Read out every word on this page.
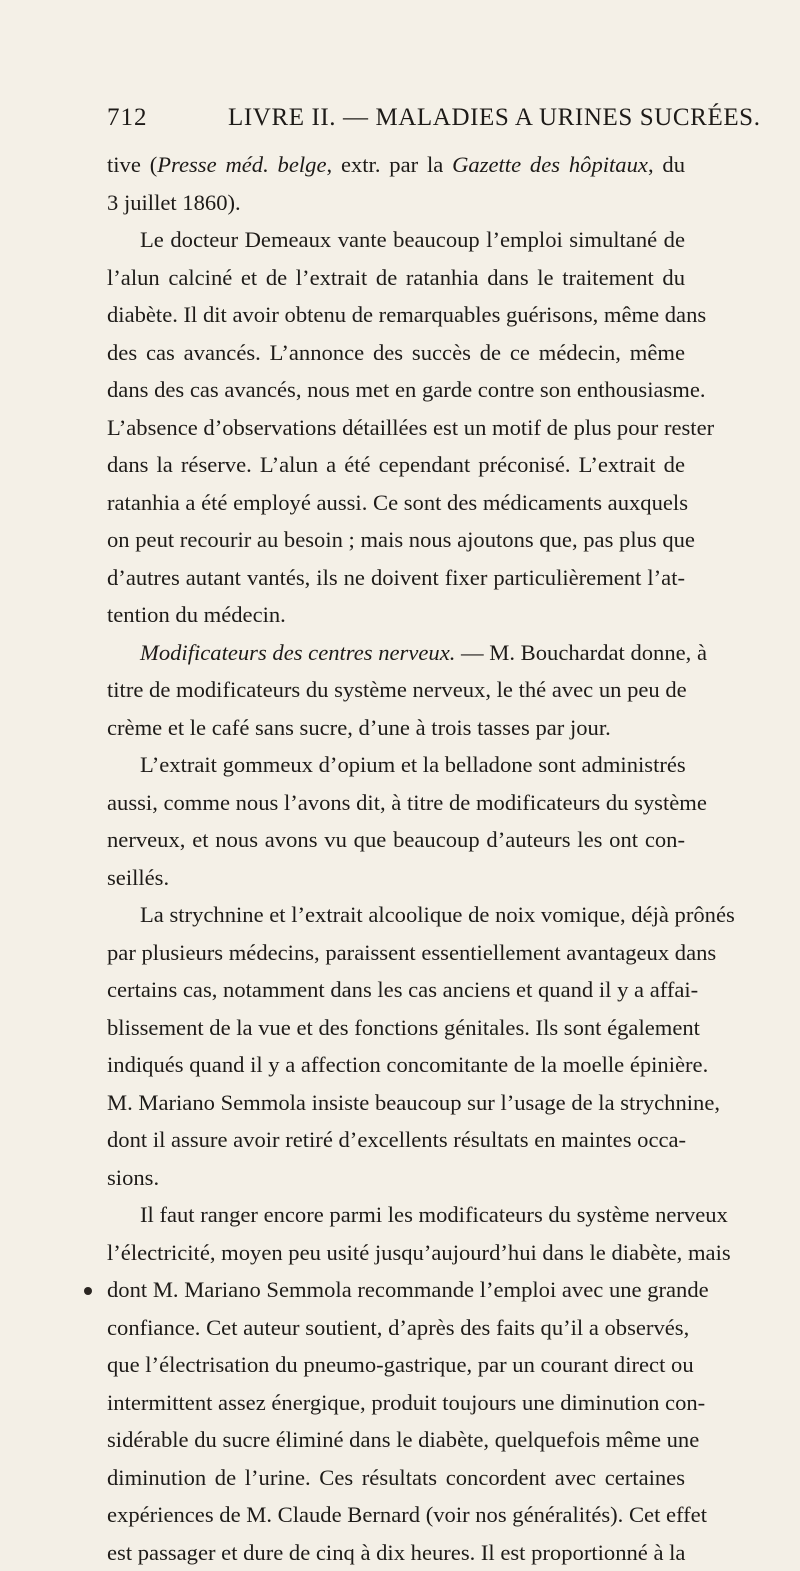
712	LIVRE II. — MALADIES A URINES SUCRÉES.
tive (Presse méd. belge, extr. par la Gazette des hôpitaux, du
3 juillet 1860).
Le docteur Demeaux vante beaucoup l’emploi simultané de
l’alun calciné et de l’extrait de ratanhia dans le traitement du
diabète. Il dit avoir obtenu de remarquables guérisons, même dans
des cas avancés. L’annonce des succès de ce médecin, même
dans des cas avancés, nous met en garde contre son enthousiasme.
L’absence d’observations détaillées est un motif de plus pour rester
dans la réserve. L’alun a été cependant préconisé. L’extrait de
ratanhia a été employé aussi. Ce sont des médicaments auxquels
on peut recourir au besoin ; mais nous ajoutons que, pas plus que
d’autres autant vantés, ils ne doivent fixer particulièrement l’at-
tention du médecin.
Modificateurs des centres nerveux. — M. Bouchardat donne, à
titre de modificateurs du système nerveux, le thé avec un peu de
crème et le café sans sucre, d’une à trois tasses par jour.
L’extrait gommeux d’opium et la belladone sont administrés
aussi, comme nous l’avons dit, à titre de modificateurs du système
nerveux, et nous avons vu que beaucoup d’auteurs les ont con-
seillés.
La strychnine et l’extrait alcoolique de noix vomique, déjà prônés
par plusieurs médecins, paraissent essentiellement avantageux dans
certains cas, notamment dans les cas anciens et quand il y a affai-
blissement de la vue et des fonctions génitales. Ils sont également
indiqués quand il y a affection concomitante de la moelle épinière.
M. Mariano Semmola insiste beaucoup sur l’usage de la strychnine,
dont il assure avoir retiré d’excellents résultats en maintes occa-
sions.
Il faut ranger encore parmi les modificateurs du système nerveux
l’électricité, moyen peu usité jusqu’aujourd’hui dans le diabète, mais
dont M. Mariano Semmola recommande l’emploi avec une grande
confiance. Cet auteur soutient, d’après des faits qu’il a observés,
que l’électrisation du pneumo-gastrique, par un courant direct ou
intermittent assez énergique, produit toujours une diminution con-
sidérable du sucre éliminé dans le diabète, quelquefois même une
diminution de l’urine. Ces résultats concordent avec certaines
expériences de M. Claude Bernard (voir nos généralités). Cet effet
est passager et dure de cinq à dix heures. Il est proportionné à la
